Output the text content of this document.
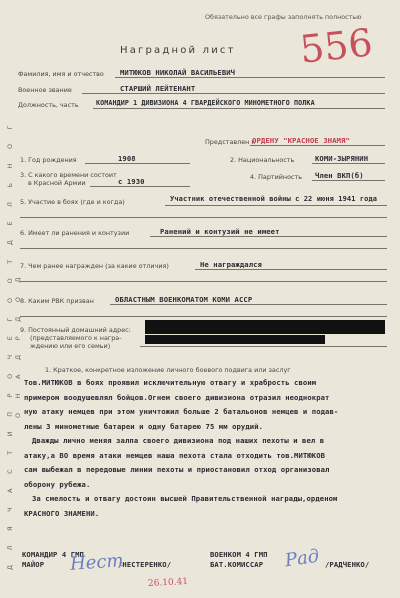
Д Л Я Ч А С Т И П Р О Ч Е Г О О Т Д Е Л Ь Н О Г О Н А Д Р Д О Д
Обязательно все графы заполнять полностью
556
Наградной лист
Фамилия, имя и отчество МИТЮКОВ НИКОЛАЙ ВАСИЛЬЕВИЧ
Военное звание	СТАРШИЙ ЛЕЙТЕНАНТ
Должность, часть	КОМАНДИР 1 ДИВИЗИОНА 4 ГВАРДЕЙСКОГО МИНОМЕТНОГО ПОЛКА
Представлен к
ОРДЕНУ "КРАСНОЕ ЗНАМЯ"
1. Год рождения	1908	2. Национальность	КОМИ-ЗЫРЯНИН
3. С какого времени состоит
в Красной Армии	с 1930	4. Партийность Член ВКП(б)
5. Участие в боях (где и когда)	Участник отечественной войны с 22 июня 1941 года
6. Имеет ли ранения и контузии	Ранений и контузий не имеет
7. Чем ранее награжден (за какие отличия)	Не награждался
8. Каким РВК призван	ОБЛАСТНЫМ ВОЕНКОМАТОМ КОМИ АССР
9. Постоянный домашний адрес:
(представляемого к награ-
ждению или его семьи)
1. Краткое, конкретное изложение личного боевого подвига или заслуг
Тов.МИТЮКОВ в боях проявил исключительную отвагу и храбрость своим
примером воодушевлял бойцов.Огнем своего дивизиона отразил неоднократ
ную атаку немцев при этом уничтожил больше 2 батальонов немцев и подав-
лены 3 минометные батареи и одну батарею 75 мм орудий.
Дважды лично меняя залпа своего дивизиона под наших пехоты и вел в
атаку,а ВО время атаки немцев наша пехота стала отходить тов.МИТЮКОВ
сам выбежал в передовые линии пехоты и приостановил отход организовал
оборону рубежа.
За смелость и отвагу достоин высшей Правительственной награды,орденом
КРАСНОГО ЗНАМЕНИ.
КОМАНДИР 4 ГМП
МАЙОР	/НЕСТЕРЕНКО/
Нест	ВОЕНКОМ 4 ГМП
БАТ.КОМИССАР	/РАДЧЕНКО/
Рад
26.10.41
